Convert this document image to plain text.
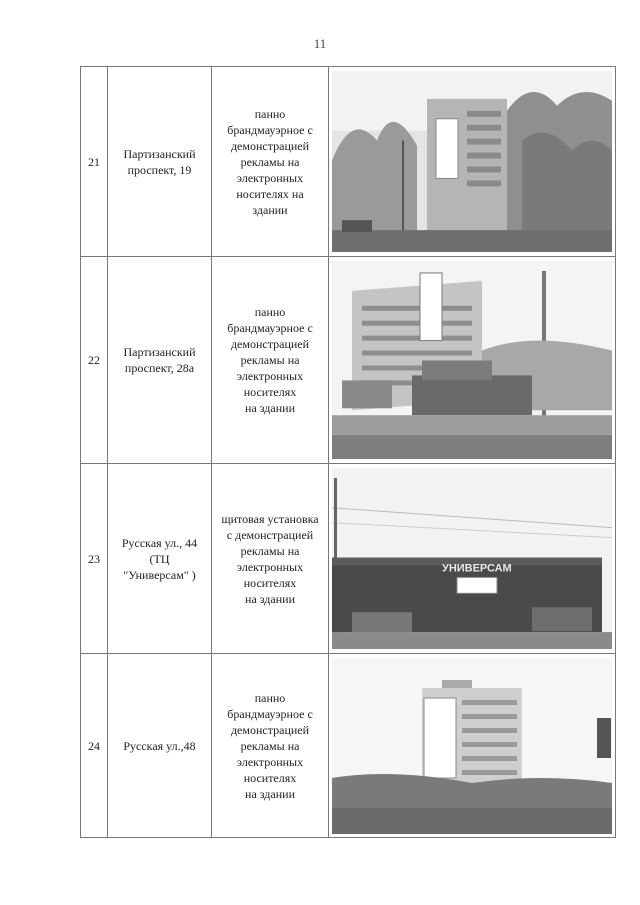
11
21
Партизанский
проспект, 19
панно
брандмауэрное с
демонстрацией
рекламы на
электронных
носителях на
здании
22
Партизанский
проспект, 28а
панно
брандмауэрное с
демонстрацией
рекламы на
электронных
носителях
на здании
23
Русская ул., 44
(ТЦ
"Универсам" )
щитовая установка
с демонстрацией
рекламы на
электронных
носителях
на здании
УНИВЕРСАМ
24	Русская ул.,48
панно
брандмауэрное с
демонстрацией
рекламы на
электронных
носителях
на здании
